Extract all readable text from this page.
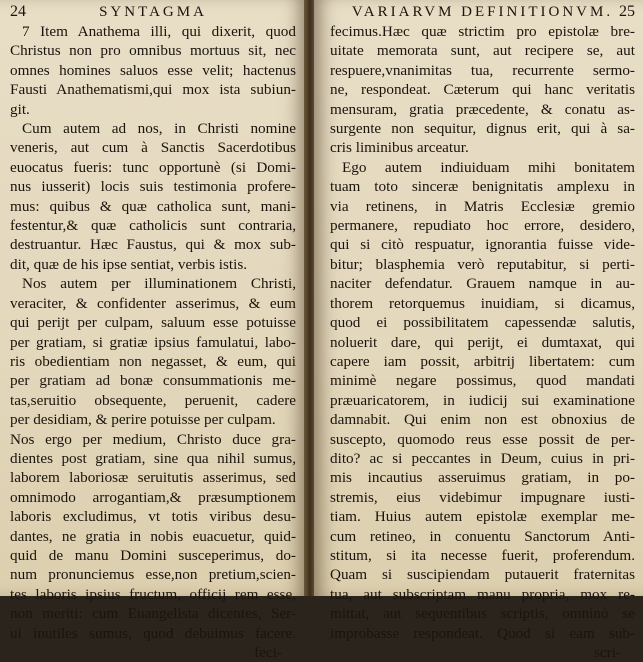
24	SYNTAGMA
7 Item Anathema illi, qui dixerit, quod
Christus non pro omnibus mortuus sit, nec
omnes homines saluos esse velit; hactenus
Fausti Anathematismi,qui mox ista subiun-
git.
Cum autem ad nos, in Christi nomine
veneris, aut cum à Sanctis Sacerdotibus
euocatus fueris: tunc opportunè (si Domi-
nus iusserit) locis suis testimonia profere-
mus: quibus & quæ catholica sunt, mani-
festentur,& quæ catholicis sunt contraria,
destruantur. Hæc Faustus, qui & mox sub-
dit, quæ de his ipse sentiat, verbis istis.
Nos autem per illuminationem Christi,
veraciter, & confidenter asserimus, & eum
qui perijt per culpam, saluum esse potuisse
per gratiam, si gratiæ ipsius famulatui, labo-
ris obedientiam non negasset, & eum, qui
per gratiam ad bonæ consummationis me-
tas,seruitio obsequente, peruenit, cadere
per desidiam, & perire potuisse per culpam.
Nos ergo per medium, Christo duce gra-
dientes post gratiam, sine qua nihil sumus,
laborem laboriosæ seruitutis asserimus, sed
omnimodo arrogantiam,& præsumptionem
laboris excludimus, vt totis viribus desu-
dantes, ne gratia in nobis euacuetur, quid-
quid de manu Domini susceperimus, do-
num pronunciemus esse,non pretium,scien-
tes laboris ipsius fructum, officij rem esse,
non meriti: cum Euangelista dicentes, Ser-
ui inutiles sumus, quod debuimus facere.
feci-
VARIARVM DEFINITIONVM. 25
fecimus.Hæc quæ strictim pro epistolæ bre-
uitate memorata sunt, aut recipere se, aut
respuere,vnanimitas tua, recurrente sermo-
ne, respondeat. Cæterum qui hanc veritatis
mensuram, gratia præcedente, & conatu as-
surgente non sequitur, dignus erit, qui à sa-
cris liminibus arceatur.
Ego autem indiuiduam mihi bonitatem
tuam toto sinceræ benignitatis amplexu in
via retinens, in Matris Ecclesiæ gremio
permanere, repudiato hoc errore, desidero,
qui si citò respuatur, ignorantia fuisse vide-
bitur; blasphemia verò reputabitur, si perti-
naciter defendatur. Grauem namque in au-
thorem retorquemus inuidiam, si dicamus,
quod ei possibilitatem capessendæ salutis,
noluerit dare, qui perijt, ei dumtaxat, qui
capere iam possit, arbitrij libertatem: cum
minimè negare possimus, quod mandati
præuaricatorem, in iudicij sui examinatione
damnabit. Qui enim non est obnoxius de
suscepto, quomodo reus esse possit de per-
dito? ac si peccantes in Deum, cuius in pri-
mis incautius asseruimus gratiam, in po-
stremis, eius videbimur impugnare iusti-
tiam. Huius autem epistolæ exemplar me-
cum retineo, in conuentu Sanctorum Anti-
stitum, si ita necesse fuerit, proferendum.
Quam si suscipiendam putauerit fraternitas
tua, aut subscriptam manu propria, mox re-
mittat, aut sequentibus scriptis, omninò se
improbasse respondeat. Quod si eam sub-
scri-
